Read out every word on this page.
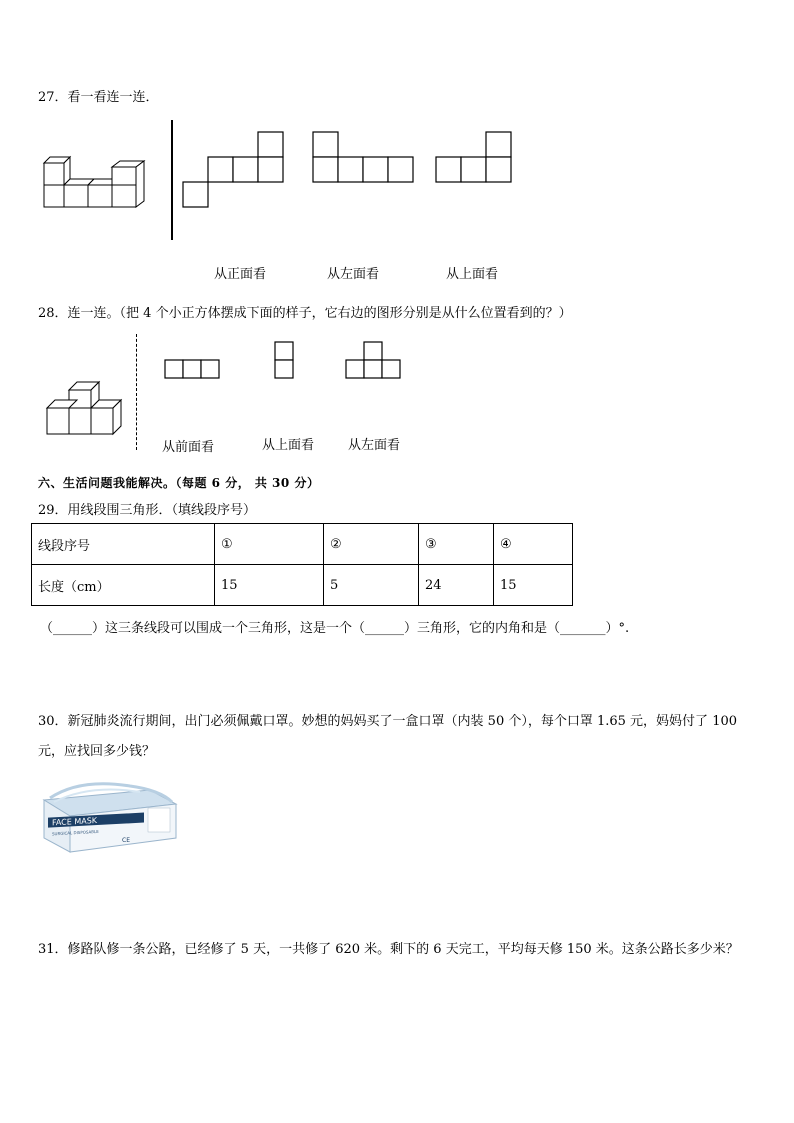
27．看一看连一连．
从正面看	从左面看	从上面看
28．连一连。（把 4 个小正方体摆成下面的样子，它右边的图形分别是从什么位置看到的？）
从前面看	从上面看	从左面看
六、生活问题我能解决。（每题 6 分， 共 30 分）
29．用线段围三角形．（填线段序号）
线段序号	①	②	③	④
长度（cm）	15	5	24	15
（______）这三条线段可以围成一个三角形，这是一个（______）三角形，它的内角和是（_______）°.
30．新冠肺炎流行期间，出门必须佩戴口罩。妙想的妈妈买了一盒口罩（内装 50 个），每个口罩 1.65 元，妈妈付了 100
元，应找回多少钱？
FACE MASK
SURGICAL DISPOSABLE
CE
31．修路队修一条公路，已经修了 5 天，一共修了 620 米。剩下的 6 天完工，平均每天修 150 米。这条公路长多少米？
